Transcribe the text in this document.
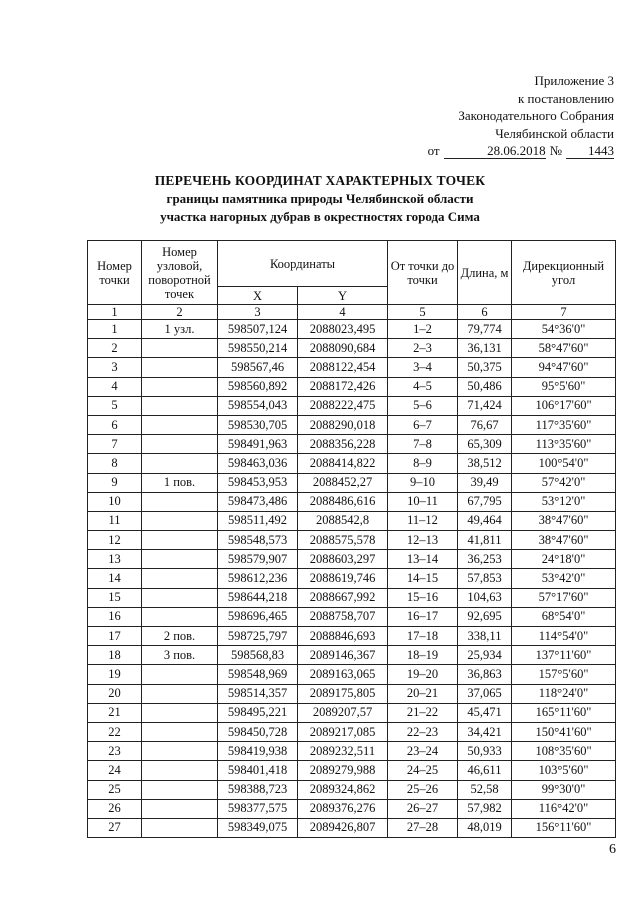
Приложение 3
к постановлению
Законодательного Собрания
Челябинской области
от	28.06.2018 №	1443
ПЕРЕЧЕНЬ КООРДИНАТ ХАРАКТЕРНЫХ ТОЧЕК
границы памятника природы Челябинской области
участка нагорных дубрав в окрестностях города Сима
Номер точки	Номер узловой, поворотной точек	Координаты		От точки до точки	Длина, м	Дирекционный угол
		X	Y			
1	2	3	4	5	6	7
1	1 узл.	598507,124	2088023,495	1–2	79,774	54°36'0"
2		598550,214	2088090,684	2–3	36,131	58°47'60"
3		598567,46	2088122,454	3–4	50,375	94°47'60"
4		598560,892	2088172,426	4–5	50,486	95°5'60"
5		598554,043	2088222,475	5–6	71,424	106°17'60"
6		598530,705	2088290,018	6–7	76,67	117°35'60"
7		598491,963	2088356,228	7–8	65,309	113°35'60"
8		598463,036	2088414,822	8–9	38,512	100°54'0"
9	1 пов.	598453,953	2088452,27	9–10	39,49	57°42'0"
10		598473,486	2088486,616	10–11	67,795	53°12'0"
11		598511,492	2088542,8	11–12	49,464	38°47'60"
12		598548,573	2088575,578	12–13	41,811	38°47'60"
13		598579,907	2088603,297	13–14	36,253	24°18'0"
14		598612,236	2088619,746	14–15	57,853	53°42'0"
15		598644,218	2088667,992	15–16	104,63	57°17'60"
16		598696,465	2088758,707	16–17	92,695	68°54'0"
17	2 пов.	598725,797	2088846,693	17–18	338,11	114°54'0"
18	3 пов.	598568,83	2089146,367	18–19	25,934	137°11'60"
19		598548,969	2089163,065	19–20	36,863	157°5'60"
20		598514,357	2089175,805	20–21	37,065	118°24'0"
21		598495,221	2089207,57	21–22	45,471	165°11'60"
22		598450,728	2089217,085	22–23	34,421	150°41'60"
23		598419,938	2089232,511	23–24	50,933	108°35'60"
24		598401,418	2089279,988	24–25	46,611	103°5'60"
25		598388,723	2089324,862	25–26	52,58	99°30'0"
26		598377,575	2089376,276	26–27	57,982	116°42'0"
27		598349,075	2089426,807	27–28	48,019	156°11'60"
6
